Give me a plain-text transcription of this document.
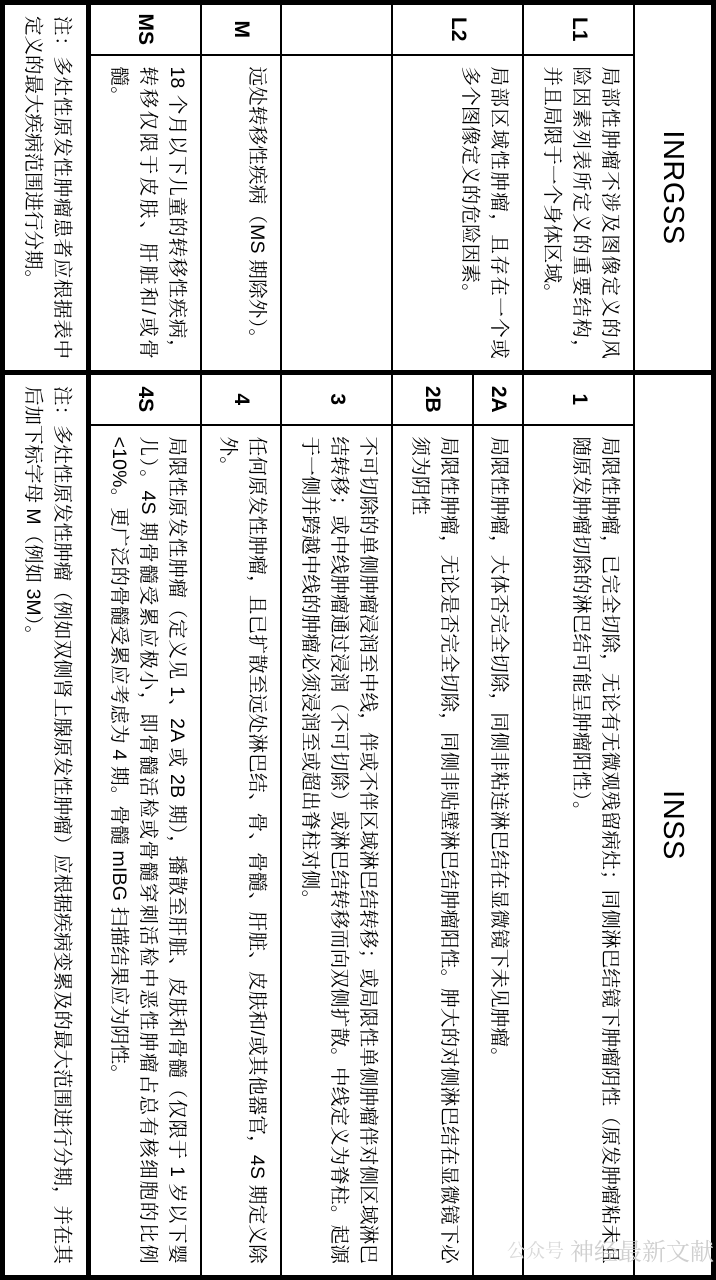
INRGSS		INSS	
L1	局部性肿瘤不涉及图像定义的风险因素列表所定义的重要结构，并且局限于一个身体区域。	1	局限性肿瘤，已完全切除，无论有无微观残留病灶；同侧淋巴结镜下肿瘤阴性（原发肿瘤粘未且随原发肿瘤切除的淋巴结可能呈肿瘤阳性）。
L2	局部区域性肿瘤，且存在一个或多个图像定义的危险因素。	2A	局限性肿瘤，大体否完全切除，同侧非粘连淋巴结在显微镜下未见肿瘤。
		2B	局限性肿瘤，无论是否完全切除，同侧非贴壁淋巴结肿瘤阳性。肿大的对侧淋巴结在显微镜下必须为阴性
		3	不可切除的单侧肿瘤浸润至中线，伴或不伴区域淋巴结转移；或局限性单侧肿瘤伴对侧区域淋巴结转移；或中线肿瘤通过浸润（不可切除）或淋巴结转移而向双侧扩散。中线定义为脊柱。起源于一侧并跨越中线的肿瘤必须浸润至或超出脊柱对侧。
M	远处转移性疾病（MS 期除外）。	4	任何原发性肿瘤，且已扩散至远处淋巴结、骨、骨髓、肝脏、皮肤和/或其他器官，4S 期定义除外。
MS	18 个月以下儿童的转移性疾病，转移仅限于皮肤、肝脏和/或骨髓。	4S	局限性原发性肿瘤（定义见 1、2A 或 2B 期），播散至肝脏、皮肤和骨髓（仅限于 1 岁以下婴儿）。4S 期骨髓受累应极小，即骨髓活检或骨髓穿刺活检中恶性肿瘤占总有核细胞的比例<10%。更广泛的骨髓受累应考虑为 4 期。骨髓 mIBG 扫描结果应为阴性。
注：多灶性原发性肿瘤患者应根据表中定义的最大疾病范围进行分期。		注：多灶性原发性肿瘤（例如双侧肾上腺原发性肿瘤）应根据疾病变累及的最大范围进行分期，并在其后加下标字母 M（例如 3M）。	
公众号 神经最新文献
